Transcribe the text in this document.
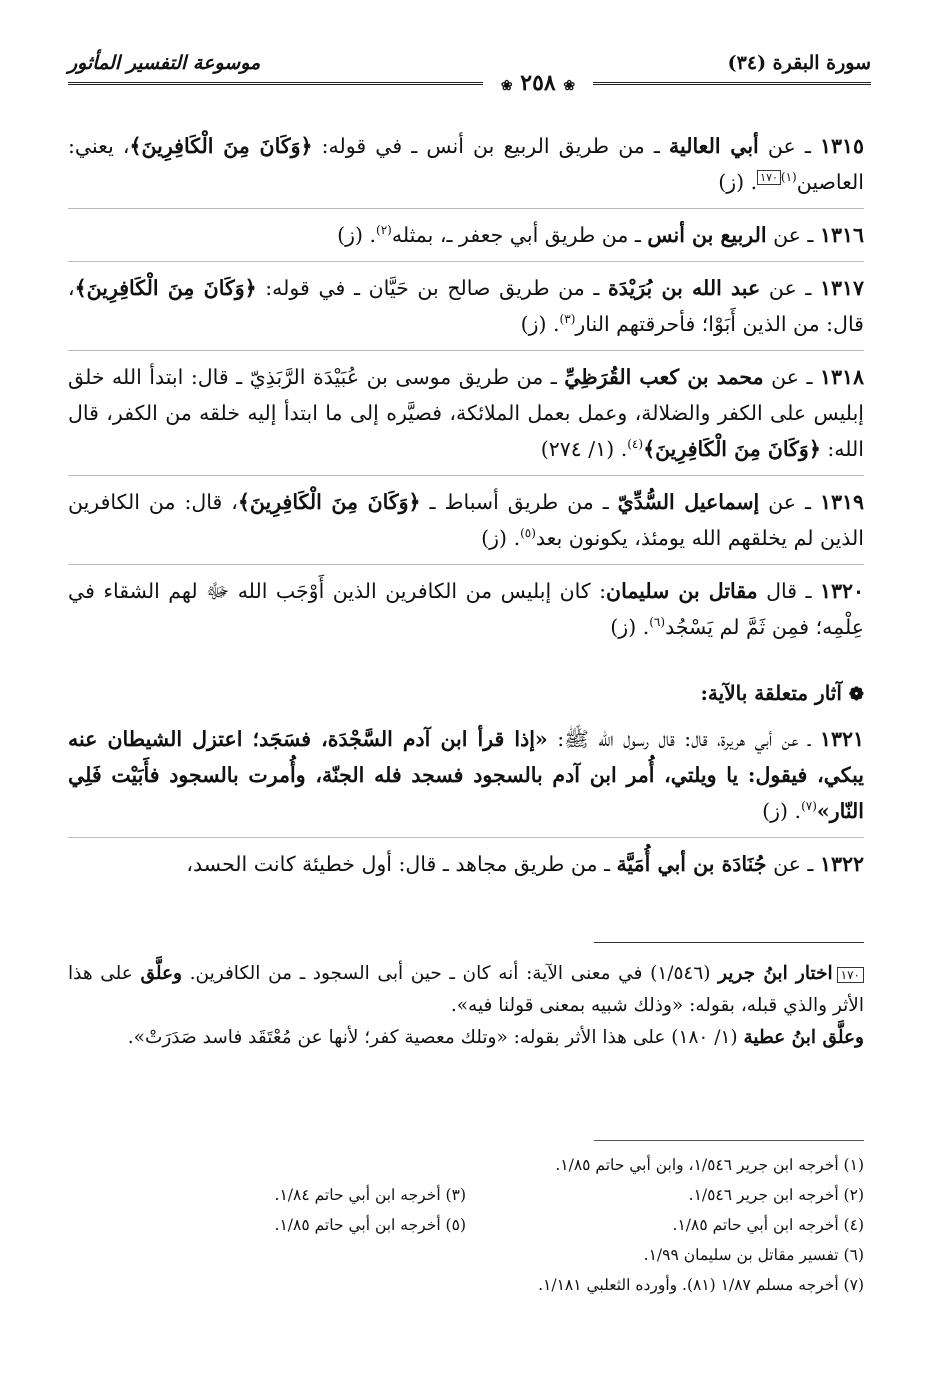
سورة البقرة (٣٤)
موسوعة التفسير المأثور
❀ ٢٥٨ ❀

١٣١٥ ـ عن أبي العالية ـ من طريق الربيع بن أنس ـ في قوله: ﴿وَكَانَ مِنَ الْكَافِرِينَ﴾، يعني: العاصين$^{(١)}$١٧٠. (ز)

١٣١٦ ـ عن الربيع بن أنس ـ من طريق أبي جعفر ـ، بمثله$^{(٢)}$. (ز)

١٣١٧ ـ عن عبد الله بن بُرَيْدَة ـ من طريق صالح بن حَيَّان ـ في قوله: ﴿وَكَانَ مِنَ الْكَافِرِينَ﴾، قال: من الذين أَبَوْا؛ فأحرقتهم النار$^{(٣)}$. (ز)

١٣١٨ ـ عن محمد بن كعب القُرَظِيِّ ـ من طريق موسى بن عُبَيْدَة الرَّبَذِيّ ـ قال: ابتدأ الله خلق إبليس على الكفر والضلالة، وعمل بعمل الملائكة، فصيَّره إلى ما ابتدأ إليه خلقه من الكفر، قال الله: ﴿وَكَانَ مِنَ الْكَافِرِينَ﴾$^{(٤)}$. (١/ ٢٧٤)

١٣١٩ ـ عن إسماعيل السُّدِّيّ ـ من طريق أسباط ـ ﴿وَكَانَ مِنَ الْكَافِرِينَ﴾، قال: من الكافرين الذين لم يخلقهم الله يومئذ، يكونون بعد$^{(٥)}$. (ز)

١٣٢٠ ـ قال مقاتل بن سليمان: كان إبليس من الكافرين الذين أَوْجَب الله ﷻ لهم الشقاء في عِلْمِه؛ فمِن ثَمَّ لم يَسْجُد$^{(٦)}$. (ز)

❁ آثار متعلقة بالآية:

١٣٢١ ـ عن أبي هريرة، قال: قال رسول الله ﷺ: «إذا قرأ ابن آدم السَّجْدَة، فسَجَد؛ اعتزل الشيطان عنه يبكي، فيقول: يا ويلتي، أُمر ابن آدم بالسجود فسجد فله الجنّة، وأُمرت بالسجود فأَبَيْت فَلِي النّار»$^{(٧)}$. (ز)

١٣٢٢ ـ عن جُنَادَة بن أبي أُمَيَّة ـ من طريق مجاهد ـ قال: أول خطيئة كانت الحسد،

١٧٠اختار ابنُ جرير (١/٥٤٦) في معنى الآية: أنه كان ـ حين أبى السجود ـ من الكافرين. وعلَّق على هذا الأثر والذي قبله، بقوله: «وذلك شبيه بمعنى قولنا فيه».

وعلَّق ابنُ عطية (١/ ١٨٠) على هذا الأثر بقوله: «وتلك معصية كفر؛ لأنها عن مُعْتَقَد فاسد صَدَرَتْ».

(١) أخرجه ابن جرير ١/٥٤٦، وابن أبي حاتم ١/٨٥.
(٢) أخرجه ابن جرير ١/٥٤٦.
(٣) أخرجه ابن أبي حاتم ١/٨٤.
(٤) أخرجه ابن أبي حاتم ١/٨٥.
(٥) أخرجه ابن أبي حاتم ١/٨٥.
(٦) تفسير مقاتل بن سليمان ١/٩٩.
(٧) أخرجه مسلم ١/٨٧ (٨١). وأورده الثعلبي ١/١٨١.
